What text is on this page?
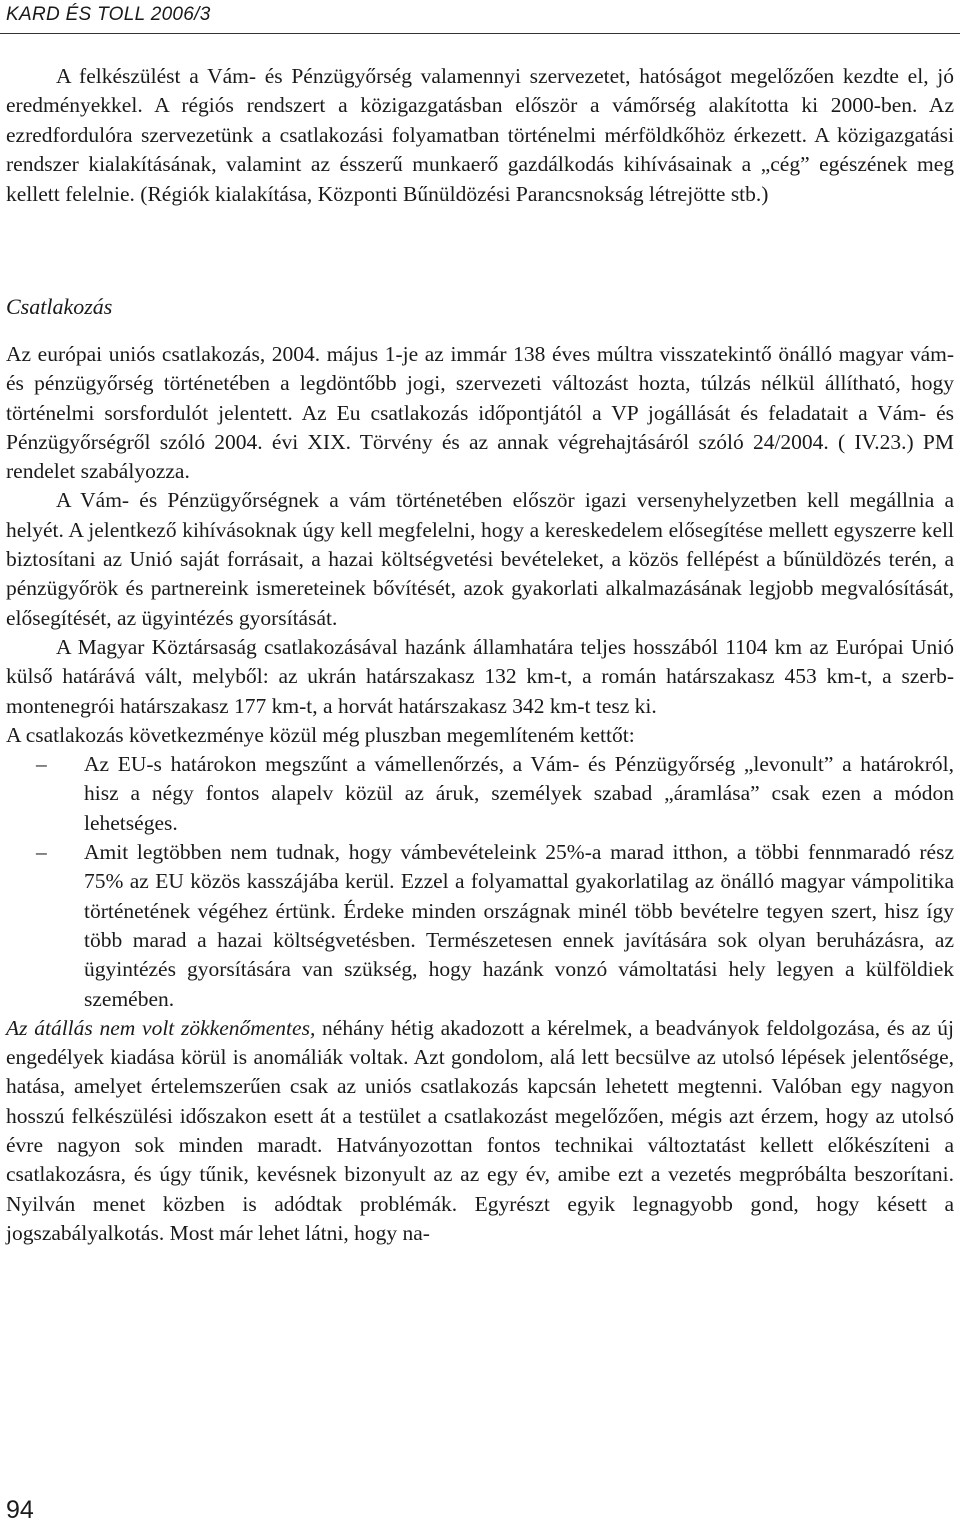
KARD ÉS TOLL 2006/3

A felkészülést a Vám- és Pénzügyőrség valamennyi szervezetet, hatóságot megelőzően kezdte el, jó eredményekkel. A régiós rendszert a közigazgatásban először a vámőrség alakította ki 2000-ben. Az ezredfordulóra szervezetünk a csatlakozási folyamatban történelmi mérföldkőhöz érkezett. A közigazgatási rendszer kialakításának, valamint az ésszerű munkaerő gazdálkodás kihívásainak a „cég” egészének meg kellett felelnie. (Régiók kialakítása, Központi Bűnüldözési Parancsnokság létrejötte stb.)

Csatlakozás

Az európai uniós csatlakozás, 2004. május 1-je az immár 138 éves múltra visszatekintő önálló magyar vám- és pénzügyőrség történetében a legdöntőbb jogi, szervezeti változást hozta, túlzás nélkül állítható, hogy történelmi sorsfordulót jelentett. Az Eu csatlakozás időpontjától a VP jogállását és feladatait a Vám- és Pénzügyőrségről szóló 2004. évi XIX. Törvény és az annak végrehajtásáról szóló 24/2004. ( IV.23.) PM rendelet szabályozza.

A Vám- és Pénzügyőrségnek a vám történetében először igazi versenyhelyzetben kell megállnia a helyét. A jelentkező kihívásoknak úgy kell megfelelni, hogy a kereskedelem elősegítése mellett egyszerre kell biztosítani az Unió saját forrásait, a hazai költségvetési bevételeket, a közös fellépést a bűnüldözés terén, a pénzügyőrök és partnereink ismereteinek bővítését, azok gyakorlati alkalmazásának legjobb megvalósítását, elősegítését, az ügyintézés gyorsítását.

A Magyar Köztársaság csatlakozásával hazánk államhatára teljes hosszából 1104 km az Európai Unió külső határává vált, melyből: az ukrán határszakasz 132 km-t, a román határszakasz 453 km-t, a szerb-montenegrói határszakasz 177 km-t, a horvát határszakasz 342 km-t tesz ki.

A csatlakozás következménye közül még pluszban megemlíteném kettőt:

– Az EU-s határokon megszűnt a vámellenőrzés, a Vám- és Pénzügyőrség „levonult” a határokról, hisz a négy fontos alapelv közül az áruk, személyek szabad „áramlása” csak ezen a módon lehetséges.
– Amit legtöbben nem tudnak, hogy vámbevételeink 25%-a marad itthon, a többi fennmaradó rész 75% az EU közös kasszájába kerül. Ezzel a folyamattal gyakorlatilag az önálló magyar vámpolitika történetének végéhez értünk. Érdeke minden országnak minél több bevételre tegyen szert, hisz így több marad a hazai költségvetésben. Természetesen ennek javítására sok olyan beruházásra, az ügyintézés gyorsítására van szükség, hogy hazánk vonzó vámoltatási hely legyen a külföldiek szemében.

Az átállás nem volt zökkenőmentes, néhány hétig akadozott a kérelmek, a beadványok feldolgozása, és az új engedélyek kiadása körül is anomáliák voltak. Azt gondolom, alá lett becsülve az utolsó lépések jelentősége, hatása, amelyet értelemszerűen csak az uniós csatlakozás kapcsán lehetett megtenni. Valóban egy nagyon hosszú felkészülési időszakon esett át a testület a csatlakozást megelőzően, mégis azt érzem, hogy az utolsó évre nagyon sok minden maradt. Hatványozottan fontos technikai változtatást kellett előkészíteni a csatlakozásra, és úgy tűnik, kevésnek bizonyult az az egy év, amibe ezt a vezetés megpróbálta beszorítani. Nyilván menet közben is adódtak problémák. Egyrészt egyik legnagyobb gond, hogy késett a jogszabályalkotás. Most már lehet látni, hogy na-

94
